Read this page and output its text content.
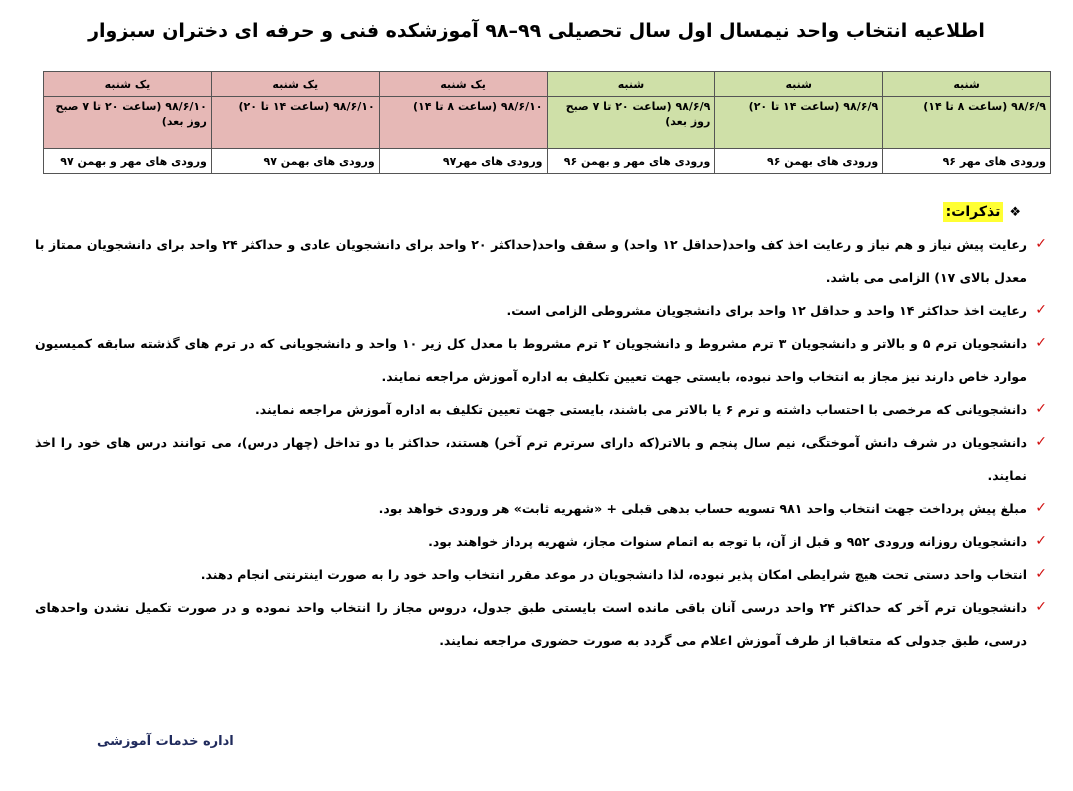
اطلاعیه انتخاب واحد نیمسال اول سال تحصیلی ۹۹–۹۸ آموزشکده فنی و حرفه ای دختران سبزوار
شنبه	شنبه	شنبه	یک شنبه	یک شنبه	یک شنبه
۹۸/۶/۹ (ساعت ۸ تا ۱۴)	۹۸/۶/۹ (ساعت ۱۴ تا ۲۰)	۹۸/۶/۹ (ساعت ۲۰ تا ۷ صبح روز بعد)	۹۸/۶/۱۰ (ساعت ۸ تا ۱۴)	۹۸/۶/۱۰ (ساعت ۱۴ تا ۲۰)	۹۸/۶/۱۰ (ساعت ۲۰ تا ۷ صبح روز بعد)
ورودی های مهر ۹۶	ورودی های بهمن ۹۶	ورودی های مهر و بهمن ۹۶	ورودی های مهر۹۷	ورودی های بهمن ۹۷	ورودی های مهر و بهمن ۹۷
❖
تذکرات:
✓
رعایت پیش نیاز و هم نیاز و رعایت اخذ کف واحد(حداقل ۱۲ واحد) و سقف واحد(حداکثر ۲۰ واحد برای دانشجویان عادی و حداکثر ۲۴ واحد برای دانشجویان ممتاز با معدل بالای ۱۷) الزامی می باشد.
✓
رعایت اخذ حداکثر ۱۴ واحد و حداقل ۱۲ واحد برای دانشجویان مشروطی الزامی است.
✓
دانشجویان ترم ۵ و بالاتر و دانشجویان ۳ ترم مشروط و دانشجویان ۲ ترم مشروط با معدل کل زیر ۱۰ واحد و دانشجویانی که در ترم های گذشته سابقه کمیسیون موارد خاص دارند نیز مجاز به انتخاب واحد نبوده، بایستی جهت تعیین تکلیف به اداره آموزش مراجعه نمایند.
✓
دانشجویانی که مرخصی با احتساب داشته و ترم ۶ یا بالاتر می باشند، بایستی جهت تعیین تکلیف به اداره آموزش مراجعه نمایند.
✓
دانشجویان در شرف دانش آموختگی، نیم سال پنجم و بالاتر(که دارای سرترم ترم آخر) هستند، حداکثر با دو تداخل (چهار درس)، می توانند درس های خود را اخذ نمایند.
✓
مبلغ پیش پرداخت جهت انتخاب واحد ۹۸۱ تسویه حساب بدهی قبلی + «شهریه ثابت» هر ورودی خواهد بود.
✓
دانشجویان روزانه ورودی ۹۵۲ و قبل از آن، با توجه به اتمام سنوات مجاز، شهریه پرداز خواهند بود.
✓
انتخاب واحد دستی تحت هیچ شرایطی امکان پذیر نبوده، لذا دانشجویان در موعد مقرر انتخاب واحد خود را به صورت اینترنتی انجام دهند.
✓
دانشجویان ترم آخر که حداکثر ۲۴ واحد درسی آنان باقی مانده است بایستی طبق جدول، دروس مجاز را انتخاب واحد نموده و در صورت تکمیل نشدن واحدهای درسی، طبق جدولی که متعاقبا از طرف آموزش اعلام می گردد به صورت حضوری مراجعه نمایند.
اداره خدمات آموزشی
